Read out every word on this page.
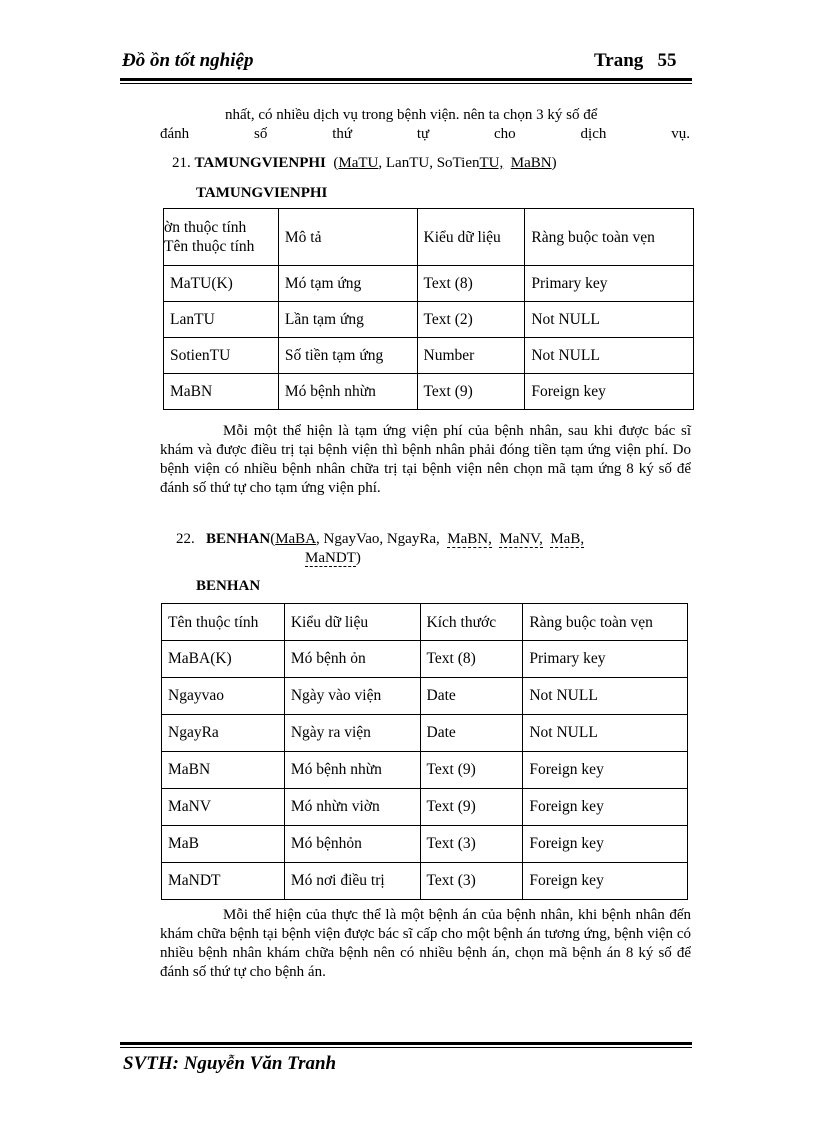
Đồ ồn tốt nghiệp	Trang 55
nhất, có nhiều dịch vụ trong bệnh viện. nên ta chọn 3 ký số để
đánh	số	thứ	tự	cho	dịch	vụ.
21. TAMUNGVIENPHI (MaTU, LanTU, SoTienTU, MaBN)
TAMUNGVIENPHI
ờn thuộc tính
Tên thuộc tính	Mô tả	Kiểu dữ liệu	Ràng buộc toàn vẹn
MaTU(K)	Mó tạm ứng	Text (8)	Primary key
LanTU	Lần tạm ứng	Text (2)	Not NULL
SotienTU	Số tiền tạm ứng	Number	Not NULL
MaBN	Mó bệnh nhừn	Text (9)	Foreign key
Mỗi một thể hiện là tạm ứng viện phí của bệnh nhân, sau khi được bác sĩ khám và được điều trị tại bệnh viện thì bệnh nhân phải đóng tiền tạm ứng viện phí. Do bệnh viện có nhiều bệnh nhân chữa trị tại bệnh viện nên chọn mã tạm ứng 8 ký số để đánh số thứ tự cho tạm ứng viện phí.
22. BENHAN(MaBA, NgayVao, NgayRa, MaBN, MaNV, MaB,
MaNDT)
BENHAN
Tên thuộc tính	Kiểu dữ liệu	Kích thước	Ràng buộc toàn vẹn
MaBA(K)	Mó bệnh ỏn	Text (8)	Primary key
Ngayvao	Ngày vào viện	Date	Not NULL
NgayRa	Ngày ra viện	Date	Not NULL
MaBN	Mó bệnh nhừn	Text (9)	Foreign key
MaNV	Mó nhừn viờn	Text (9)	Foreign key
MaB	Mó bệnhỏn	Text (3)	Foreign key
MaNDT	Mó nơi điều trị	Text (3)	Foreign key
Mỗi thể hiện của thực thể là một bệnh án của bệnh nhân, khi bệnh nhân đến khám chữa bệnh tại bệnh viện được bác sĩ cấp cho một bệnh án tương ứng, bệnh viện có nhiều bệnh nhân khám chữa bệnh nên có nhiều bệnh án, chọn mã bệnh án 8 ký số để đánh số thứ tự cho bệnh án.
SVTH: Nguyễn Văn Tranh
